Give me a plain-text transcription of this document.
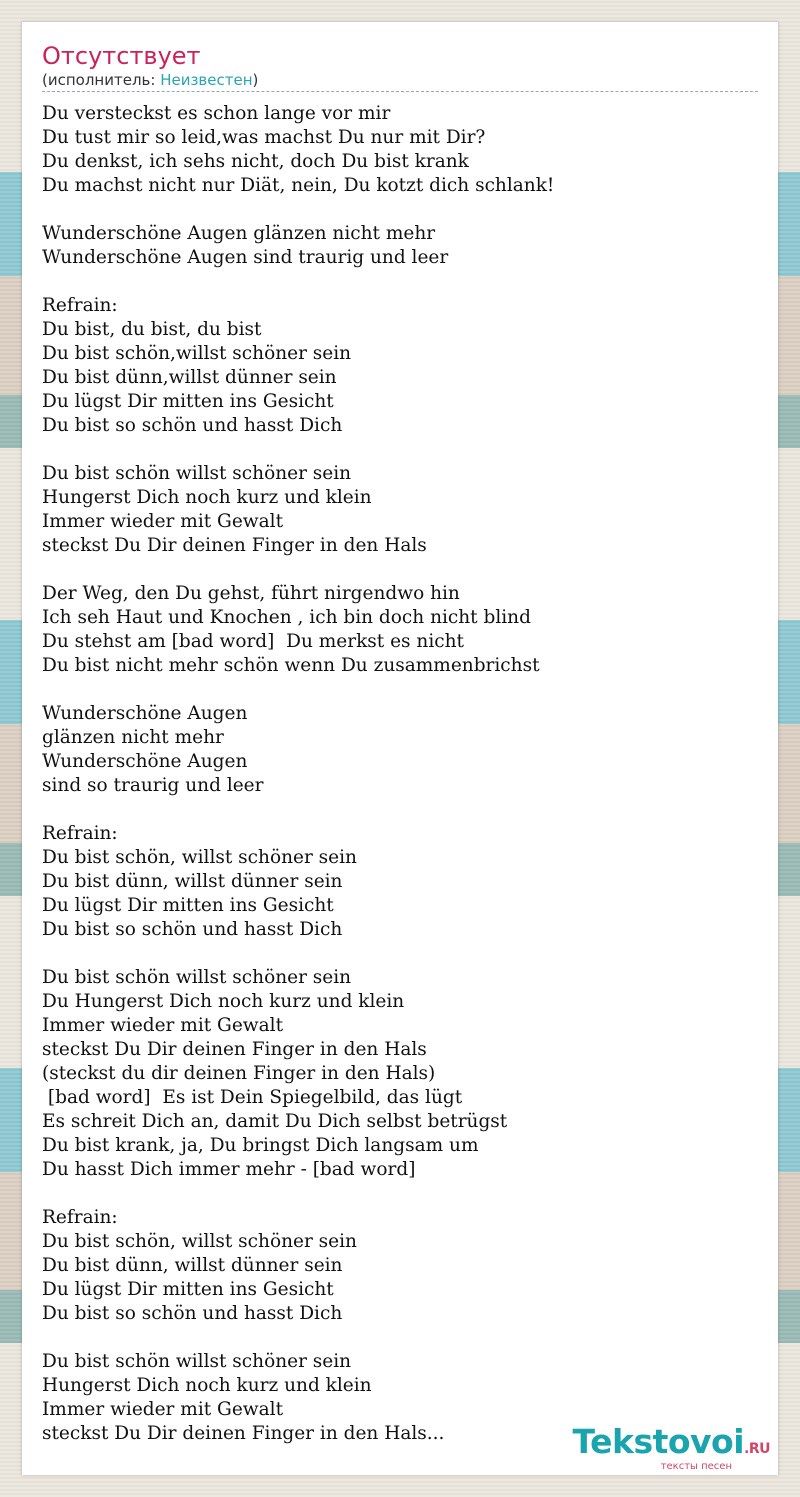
Отсутствует
(исполнитель: Неизвестен)
Du versteckst es schon lange vor mir
Du tust mir so leid,was machst Du nur mit Dir?
Du denkst, ich sehs nicht, doch Du bist krank
Du machst nicht nur Diät, nein, Du kotzt dich schlank!

Wunderschöne Augen glänzen nicht mehr
Wunderschöne Augen sind traurig und leer

Refrain:
Du bist, du bist, du bist
Du bist schön,willst schöner sein
Du bist dünn,willst dünner sein
Du lügst Dir mitten ins Gesicht
Du bist so schön und hasst Dich

Du bist schön willst schöner sein
Hungerst Dich noch kurz und klein
Immer wieder mit Gewalt
steckst Du Dir deinen Finger in den Hals

Der Weg, den Du gehst, führt nirgendwo hin
Ich seh Haut und Knochen , ich bin doch nicht blind
Du stehst am [bad word]  Du merkst es nicht
Du bist nicht mehr schön wenn Du zusammenbrichst

Wunderschöne Augen
glänzen nicht mehr
Wunderschöne Augen
sind so traurig und leer

Refrain:
Du bist schön, willst schöner sein
Du bist dünn, willst dünner sein
Du lügst Dir mitten ins Gesicht
Du bist so schön und hasst Dich

Du bist schön willst schöner sein
Du Hungerst Dich noch kurz und klein
Immer wieder mit Gewalt
steckst Du Dir deinen Finger in den Hals
(steckst du dir deinen Finger in den Hals)
[bad word]  Es ist Dein Spiegelbild, das lügt
Es schreit Dich an, damit Du Dich selbst betrügst
Du bist krank, ja, Du bringst Dich langsam um
Du hasst Dich immer mehr - [bad word]

Refrain:
Du bist schön, willst schöner sein
Du bist dünn, willst dünner sein
Du lügst Dir mitten ins Gesicht
Du bist so schön und hasst Dich

Du bist schön willst schöner sein
Hungerst Dich noch kurz und klein
Immer wieder mit Gewalt
steckst Du Dir deinen Finger in den Hals...	Tekstovoi.RU
тексты песен
